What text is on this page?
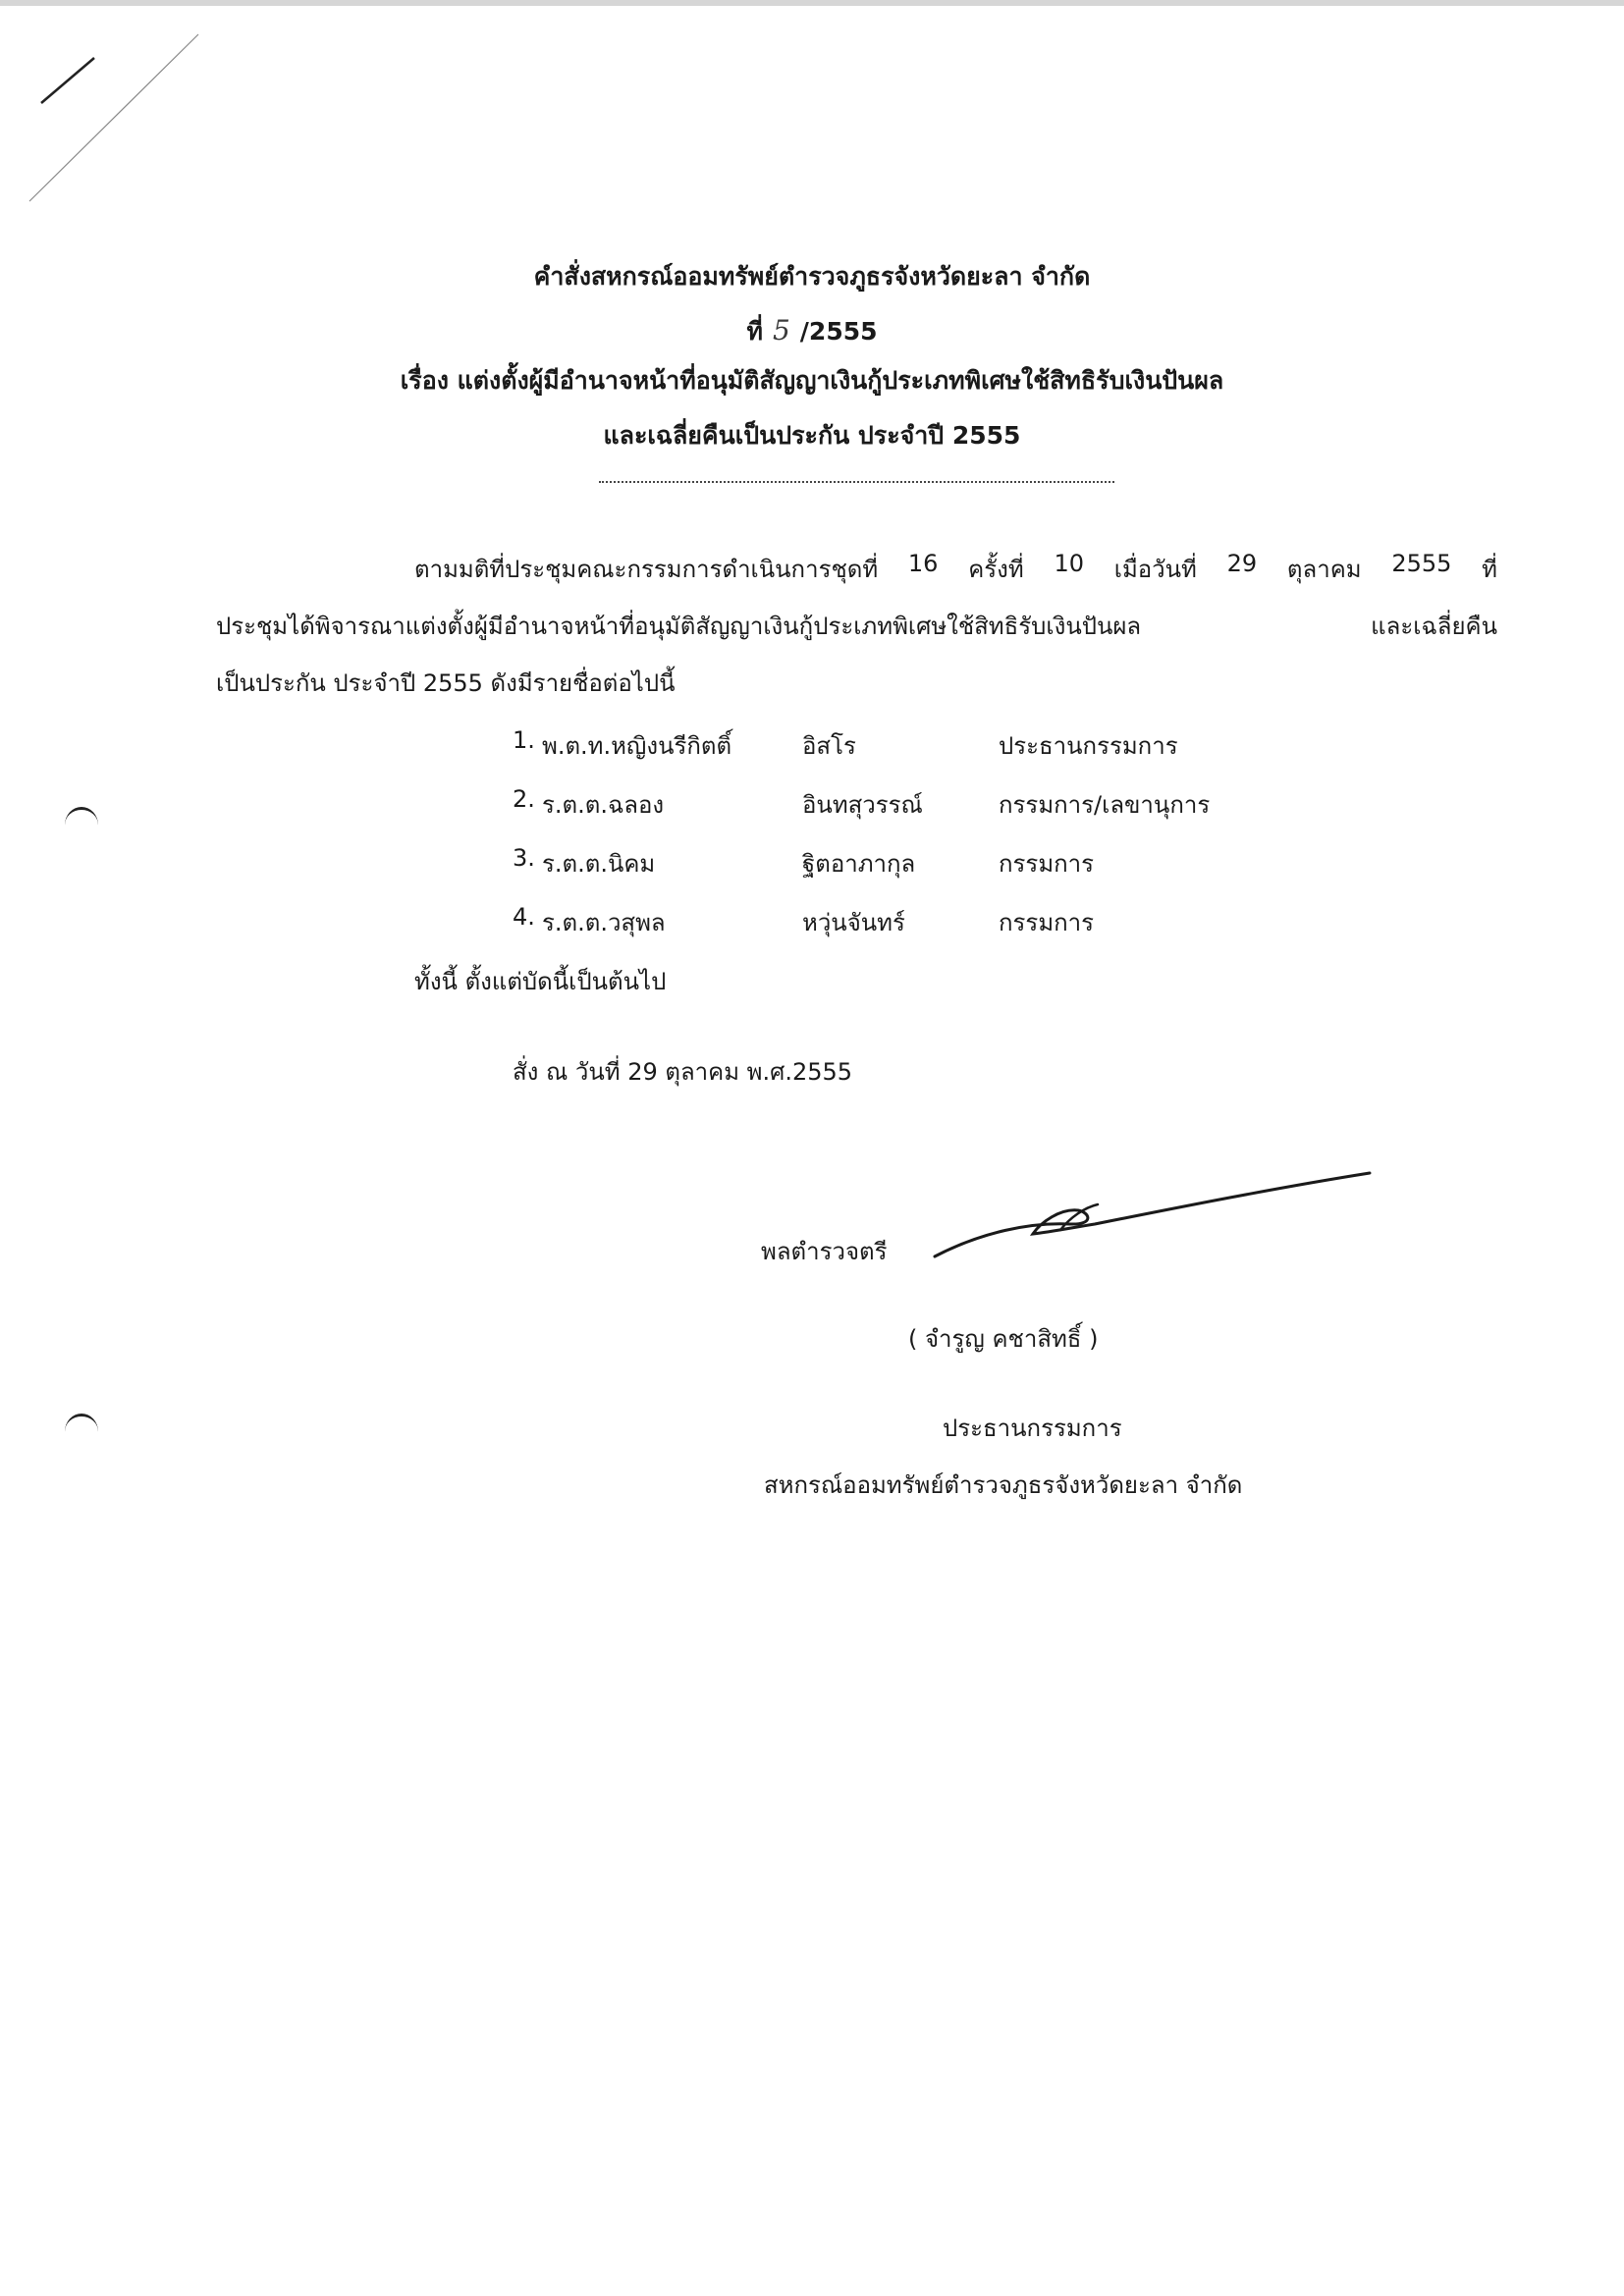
คำสั่งสหกรณ์ออมทรัพย์ตำรวจภูธรจังหวัดยะลา จำกัด
ที่ 5 /2555
เรื่อง แต่งตั้งผู้มีอำนาจหน้าที่อนุมัติสัญญาเงินกู้ประเภทพิเศษใช้สิทธิรับเงินปันผล
และเฉลี่ยคืนเป็นประกัน ประจำปี 2555
ตามมติที่ประชุมคณะกรรมการดำเนินการชุดที่ 16 ครั้งที่ 10 เมื่อวันที่ 29 ตุลาคม 2555 ที่
ประชุมได้พิจารณาแต่งตั้งผู้มีอำนาจหน้าที่อนุมัติสัญญาเงินกู้ประเภทพิเศษใช้สิทธิรับเงินปันผล	และเฉลี่ยคืน
เป็นประกัน ประจำปี 2555 ดังมีรายชื่อต่อไปนี้
1. พ.ต.ท.หญิงนรีกิตติ์	อิสโร	ประธานกรรมการ
2. ร.ต.ต.ฉลอง	อินทสุวรรณ์	กรรมการ/เลขานุการ
3. ร.ต.ต.นิคม	ฐิตอาภากุล	กรรมการ
4. ร.ต.ต.วสุพล	หวุ่นจันทร์	กรรมการ
ทั้งนี้ ตั้งแต่บัดนี้เป็นต้นไป
สั่ง ณ วันที่ 29 ตุลาคม พ.ศ.2555
พลตำรวจตรี
( จำรูญ คชาสิทธิ์ )
ประธานกรรมการ
สหกรณ์ออมทรัพย์ตำรวจภูธรจังหวัดยะลา จำกัด
